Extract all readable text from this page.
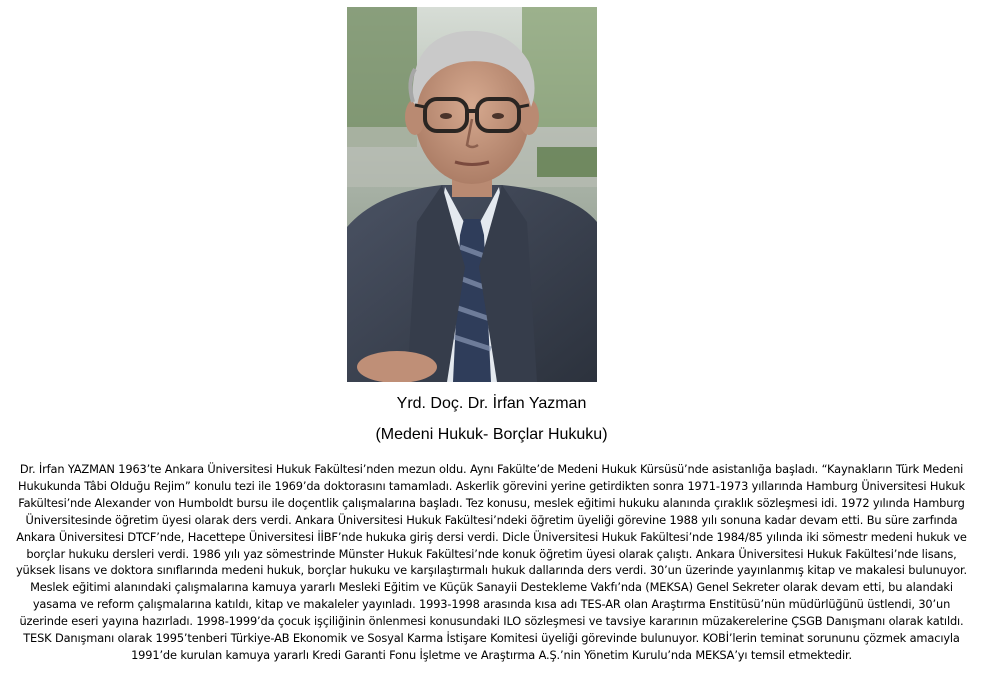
Yrd. Doç. Dr. İrfan Yazman
(Medeni Hukuk- Borçlar Hukuku)

Dr. İrfan YAZMAN 1963’te Ankara Üniversitesi Hukuk Fakültesi’nden mezun oldu. Aynı Fakülte’de Medeni Hukuk Kürsüsü’nde asistanlığa başladı. “Kaynakların Türk Medeni Hukukunda Tâbi Olduğu Rejim” konulu tezi ile 1969’da doktorasını tamamladı. Askerlik görevini yerine getirdikten sonra 1971-1973 yıllarında Hamburg Üniversitesi Hukuk Fakültesi’nde Alexander von Humboldt bursu ile doçentlik çalışmalarına başladı. Tez konusu, meslek eğitimi hukuku alanında çıraklık sözleşmesi idi. 1972 yılında Hamburg Üniversitesinde öğretim üyesi olarak ders verdi. Ankara Üniversitesi Hukuk Fakültesi’ndeki öğretim üyeliği görevine 1988 yılı sonuna kadar devam etti. Bu süre zarfında Ankara Üniversitesi DTCF’nde, Hacettepe Üniversitesi İİBF’nde hukuka giriş dersi verdi. Dicle Üniversitesi Hukuk Fakültesi’nde 1984/85 yılında iki sömestr medeni hukuk ve borçlar hukuku dersleri verdi. 1986 yılı yaz sömestrinde Münster Hukuk Fakültesi’nde konuk öğretim üyesi olarak çalıştı. Ankara Üniversitesi Hukuk Fakültesi’nde lisans, yüksek lisans ve doktora sınıflarında medeni hukuk, borçlar hukuku ve karşılaştırmalı hukuk dallarında ders verdi. 30’un üzerinde yayınlanmış kitap ve makalesi bulunuyor.

Meslek eğitimi alanındaki çalışmalarına kamuya yararlı Mesleki Eğitim ve Küçük Sanayii Destekleme Vakfı’nda (MEKSA) Genel Sekreter olarak devam etti, bu alandaki yasama ve reform çalışmalarına katıldı, kitap ve makaleler yayınladı. 1993-1998 arasında kısa adı TES-AR olan Araştırma Enstitüsü’nün müdürlüğünü üstlendi, 30’un üzerinde eseri yayına hazırladı. 1998-1999’da çocuk işçiliğinin önlenmesi konusundaki ILO sözleşmesi ve tavsiye kararının müzakerelerine ÇSGB Danışmanı olarak katıldı. TESK Danışmanı olarak 1995’tenberi Türkiye-AB Ekonomik ve Sosyal Karma İstişare Komitesi üyeliği görevinde bulunuyor. KOBİ’lerin teminat sorununu çözmek amacıyla 1991’de kurulan kamuya yararlı Kredi Garanti Fonu İşletme ve Araştırma A.Ş.’nin Yönetim Kurulu’nda MEKSA’yı temsil etmektedir.
